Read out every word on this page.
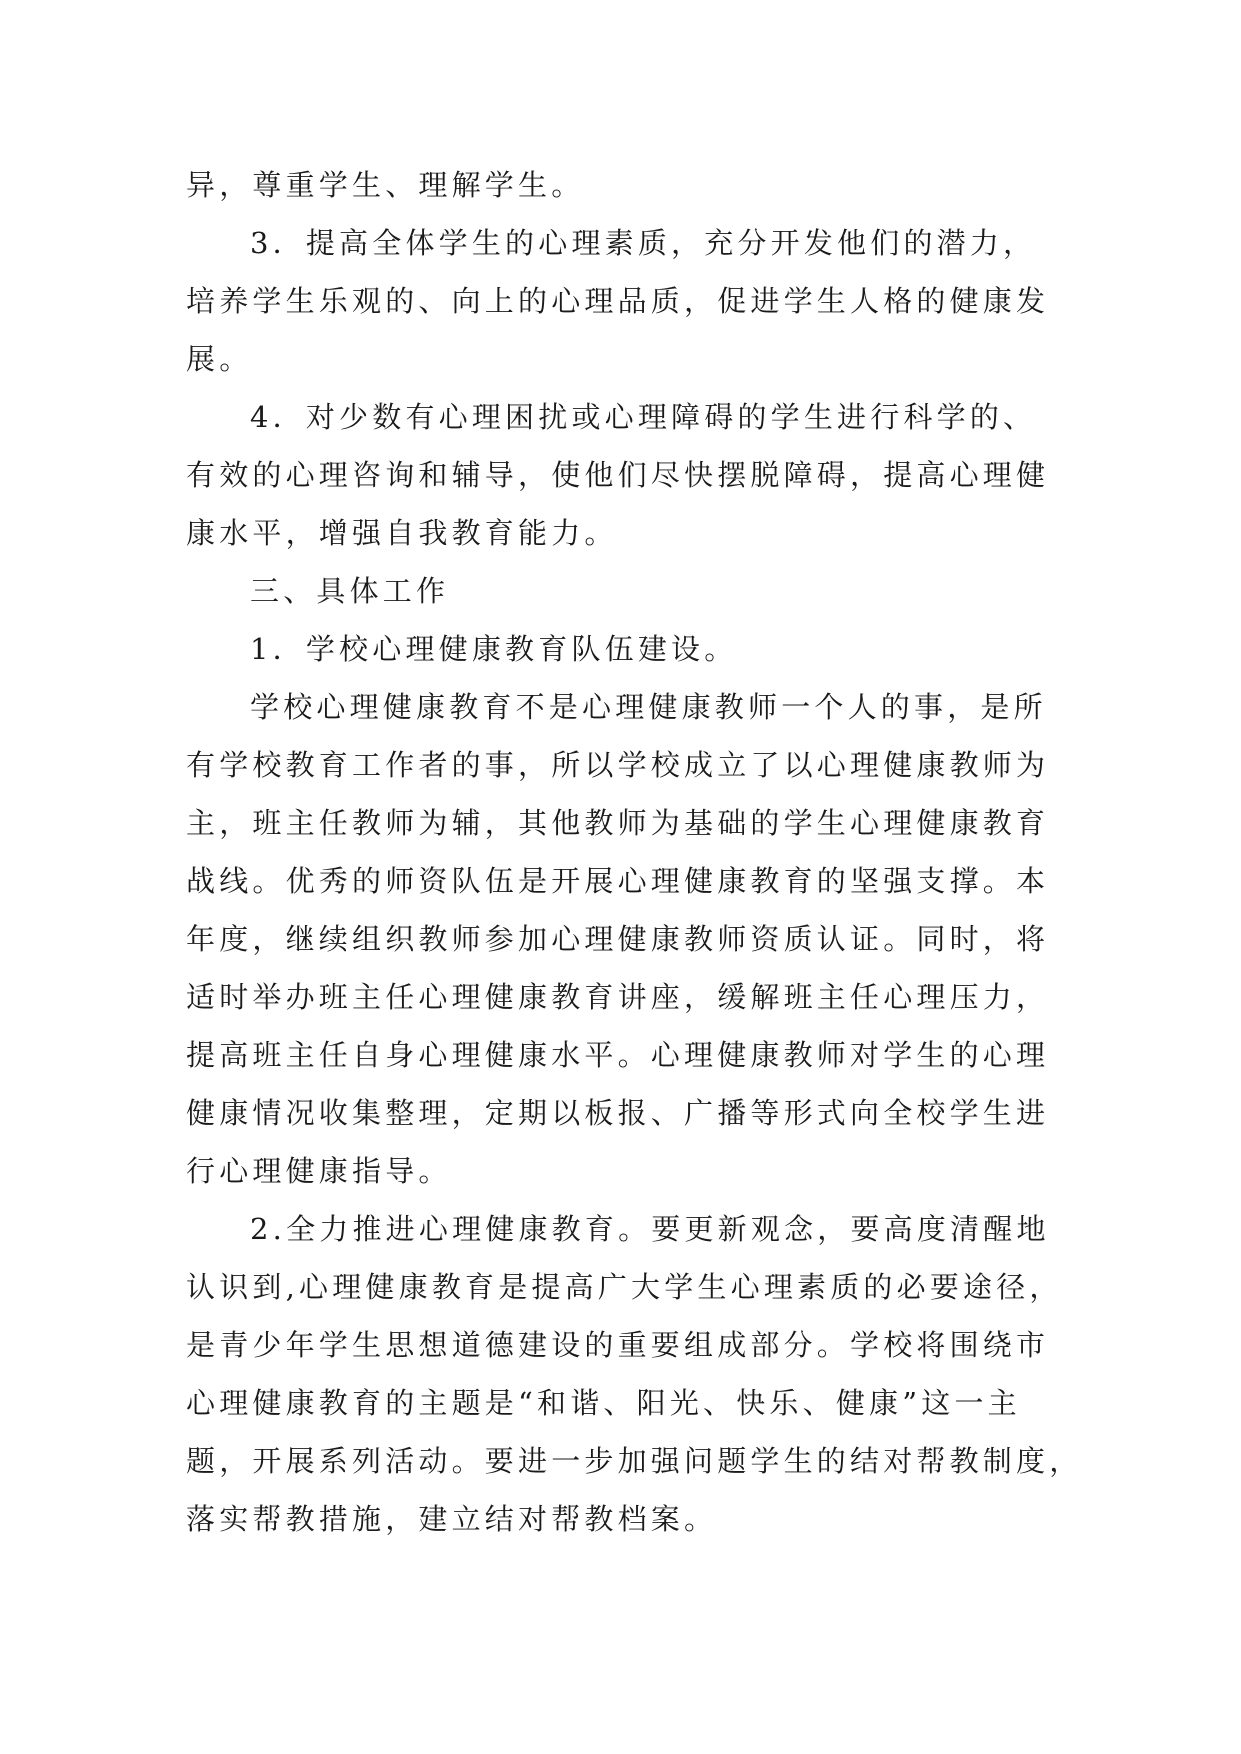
异，尊重学生、理解学生。
3．提高全体学生的心理素质，充分开发他们的潜力，
培养学生乐观的、向上的心理品质，促进学生人格的健康发
展。
4．对少数有心理困扰或心理障碍的学生进行科学的、
有效的心理咨询和辅导，使他们尽快摆脱障碍，提高心理健
康水平，增强自我教育能力。
三、具体工作
1．学校心理健康教育队伍建设。
学校心理健康教育不是心理健康教师一个人的事，是所
有学校教育工作者的事，所以学校成立了以心理健康教师为
主，班主任教师为辅，其他教师为基础的学生心理健康教育
战线。优秀的师资队伍是开展心理健康教育的坚强支撑。本
年度，继续组织教师参加心理健康教师资质认证。同时，将
适时举办班主任心理健康教育讲座，缓解班主任心理压力，
提高班主任自身心理健康水平。心理健康教师对学生的心理
健康情况收集整理，定期以板报、广播等形式向全校学生进
行心理健康指导。
2.全力推进心理健康教育。要更新观念，要高度清醒地
认识到,心理健康教育是提高广大学生心理素质的必要途径，
是青少年学生思想道德建设的重要组成部分。学校将围绕市
心理健康教育的主题是“和谐、阳光、快乐、健康”这一主
题，开展系列活动。要进一步加强问题学生的结对帮教制度，
落实帮教措施，建立结对帮教档案。
